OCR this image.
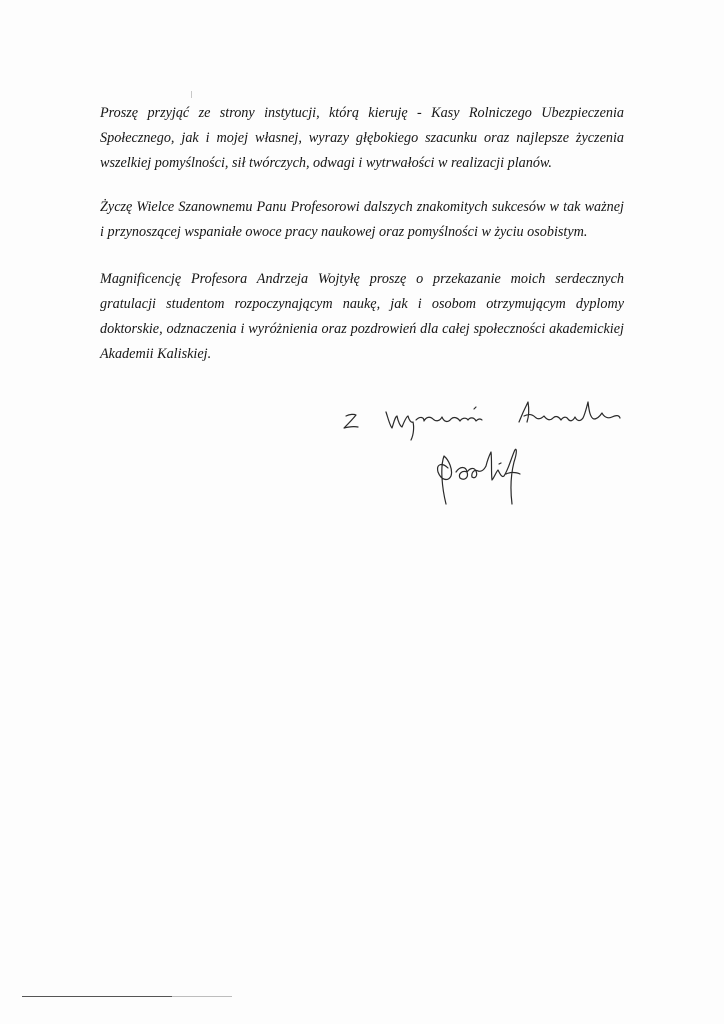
Proszę przyjąć ze strony instytucji, którą kieruję - Kasy Rolniczego Ubezpieczenia
Społecznego, jak i mojej własnej, wyrazy głębokiego szacunku oraz najlepsze życzenia
wszelkiej pomyślności, sił twórczych, odwagi i wytrwałości w realizacji planów.

Życzę Wielce Szanownemu Panu Profesorowi dalszych znakomitych sukcesów w tak ważnej
i przynoszącej wspaniałe owoce pracy naukowej oraz pomyślności w życiu osobistym.

Magnificencję Profesora Andrzeja Wojtyłę proszę o przekazanie moich serdecznych
gratulacji studentom rozpoczynającym naukę, jak i osobom otrzymującym dyplomy
doktorskie, odznaczenia i wyróżnienia oraz pozdrowień dla całej społeczności akademickiej
Akademii Kaliskiej.
